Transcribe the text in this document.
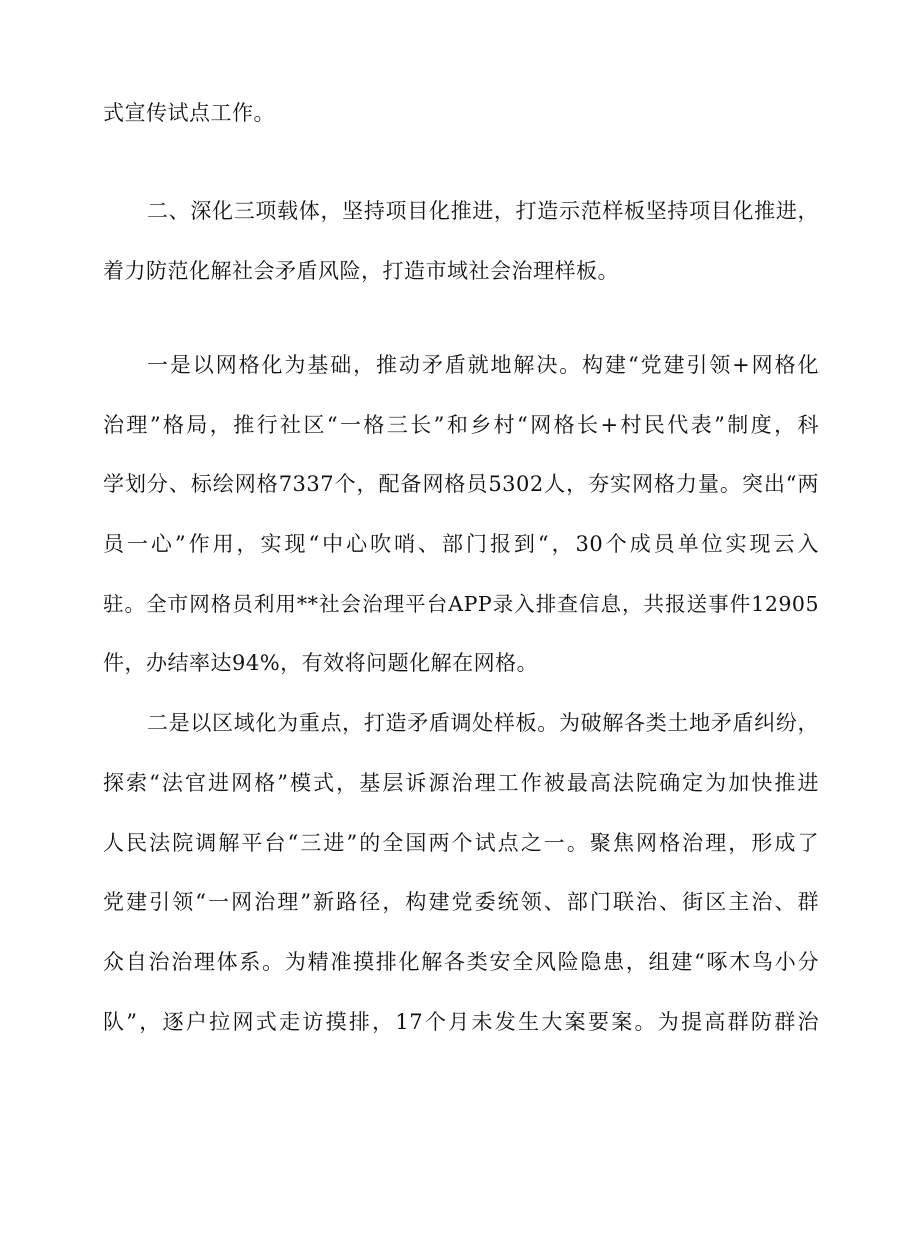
式宣传试点工作。
二、深化三项载体，坚持项目化推进，打造示范样板坚持项目化推进，
着力防范化解社会矛盾风险，打造市域社会治理样板。
一是以网格化为基础，推动矛盾就地解决。构建“党建引领+网格化
治理”格局，推行社区“一格三长”和乡村“网格长+村民代表”制度，科
学划分、标绘网格7337个，配备网格员5302人，夯实网格力量。突出“两
员一心”作用，实现“中心吹哨、部门报到“，30个成员单位实现云入
驻。全市网格员利用**社会治理平台APP录入排查信息，共报送事件12905
件，办结率达94%，有效将问题化解在网格。
二是以区域化为重点，打造矛盾调处样板。为破解各类土地矛盾纠纷，
探索“法官进网格”模式，基层诉源治理工作被最高法院确定为加快推进
人民法院调解平台“三进”的全国两个试点之一。聚焦网格治理，形成了
党建引领“一网治理”新路径，构建党委统领、部门联治、街区主治、群
众自治治理体系。为精准摸排化解各类安全风险隐患，组建“啄木鸟小分
队”，逐户拉网式走访摸排，17个月未发生大案要案。为提高群防群治
